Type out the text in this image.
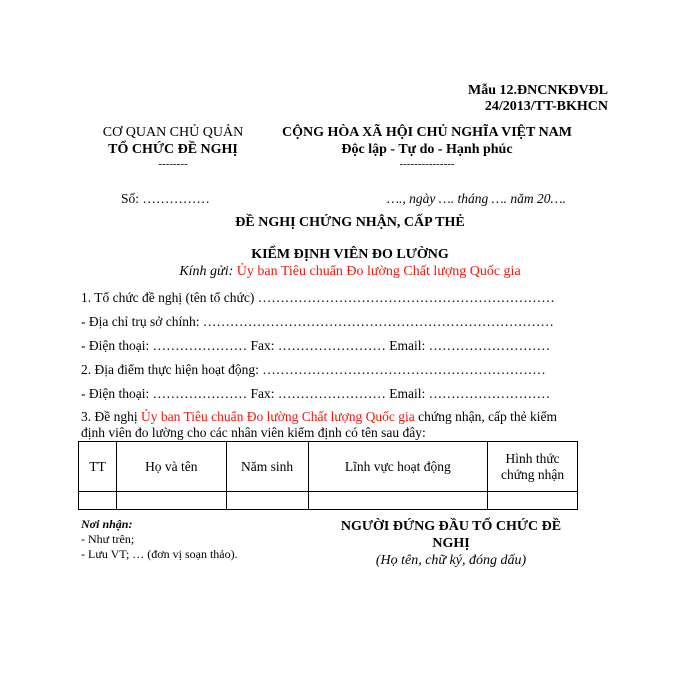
Mẫu 12.ĐNCNKĐVĐL
24/2013/TT-BKHCN
CƠ QUAN CHỦ QUẢN
TỔ CHỨC ĐỀ NGHỊ
--------
CỘNG HÒA XÃ HỘI CHỦ NGHĨA VIỆT NAM
Độc lập - Tự do - Hạnh phúc
---------------
Số: ……………	…., ngày …. tháng …. năm 20….
ĐỀ NGHỊ CHỨNG NHẬN, CẤP THẺ
KIỂM ĐỊNH VIÊN ĐO LƯỜNG
Kính gửi: Ủy ban Tiêu chuẩn Đo lường Chất lượng Quốc gia
1. Tổ chức đề nghị (tên tổ chức) …………………………………………………………
- Địa chỉ trụ sở chính: ……………………………………………………………………
- Điện thoại: ………………… Fax: …………………… Email: ………………………
2. Địa điểm thực hiện hoạt động: ………………………………………………………
- Điện thoại: ………………… Fax: …………………… Email: ………………………
3. Đề nghị Ủy ban Tiêu chuẩn Đo lường Chất lượng Quốc gia chứng nhận, cấp thẻ kiểm
định viên đo lường cho các nhân viên kiểm định có tên sau đây:
TT	Họ và tên	Năm sinh	Lĩnh vực hoạt động	Hình thức
chứng nhận

Nơi nhận:
- Như trên;
- Lưu VT; … (đơn vị soạn thảo).
NGƯỜI ĐỨNG ĐẦU TỔ CHỨC ĐỀ
NGHỊ
(Họ tên, chữ ký, đóng dấu)
